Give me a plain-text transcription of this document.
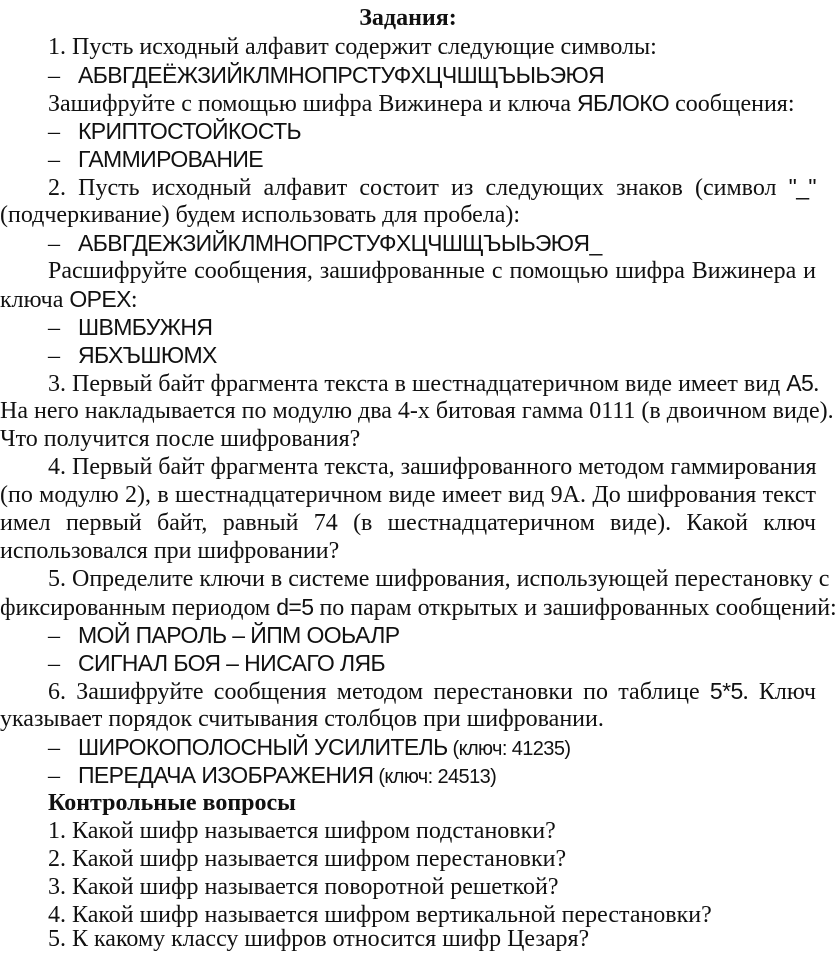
Задания:
1. Пусть исходный алфавит содержит следующие символы:
– АБВГДЕЁЖЗИЙКЛМНОПРСТУФХЦЧШЩЪЫЬЭЮЯ
Зашифруйте с помощью шифра Вижинера и ключа ЯБЛОКО сообщения:
– КРИПТОСТОЙКОСТЬ
– ГАММИРОВАНИЕ
2. Пусть исходный алфавит состоит из следующих знаков (символ "_"
(подчеркивание) будем использовать для пробела):
– АБВГДЕЖЗИЙКЛМНОПРСТУФХЦЧШЩЪЫЬЭЮЯ_
Расшифруйте сообщения, зашифрованные с помощью шифра Вижинера и
ключа ОРЕХ:
– ШВМБУЖНЯ
– ЯБХЪШЮМХ
3. Первый байт фрагмента текста в шестнадцатеричном виде имеет вид А5.
На него накладывается по модулю два 4-х битовая гамма 0111 (в двоичном виде).
Что получится после шифрования?
4. Первый байт фрагмента текста, зашифрованного методом гаммирования
(по модулю 2), в шестнадцатеричном виде имеет вид 9А. До шифрования текст
имел первый байт, равный 74 (в шестнадцатеричном виде). Какой ключ
использовался при шифровании?
5. Определите ключи в системе шифрования, использующей перестановку с
фиксированным периодом d=5 по парам открытых и зашифрованных сообщений:
– МОЙ ПАРОЛЬ – ЙПМ ООЬАЛР
– СИГНАЛ БОЯ – НИСАГО ЛЯБ
6. Зашифруйте сообщения методом перестановки по таблице 5*5. Ключ
указывает порядок считывания столбцов при шифровании.
– ШИРОКОПОЛОСНЫЙ УСИЛИТЕЛЬ (ключ: 41235)
– ПЕРЕДАЧА ИЗОБРАЖЕНИЯ (ключ: 24513)
Контрольные вопросы
1. Какой шифр называется шифром подстановки?
2. Какой шифр называется шифром перестановки?
3. Какой шифр называется поворотной решеткой?
4. Какой шифр называется шифром вертикальной перестановки?
5. К какому классу шифров относится шифр Цезаря?
